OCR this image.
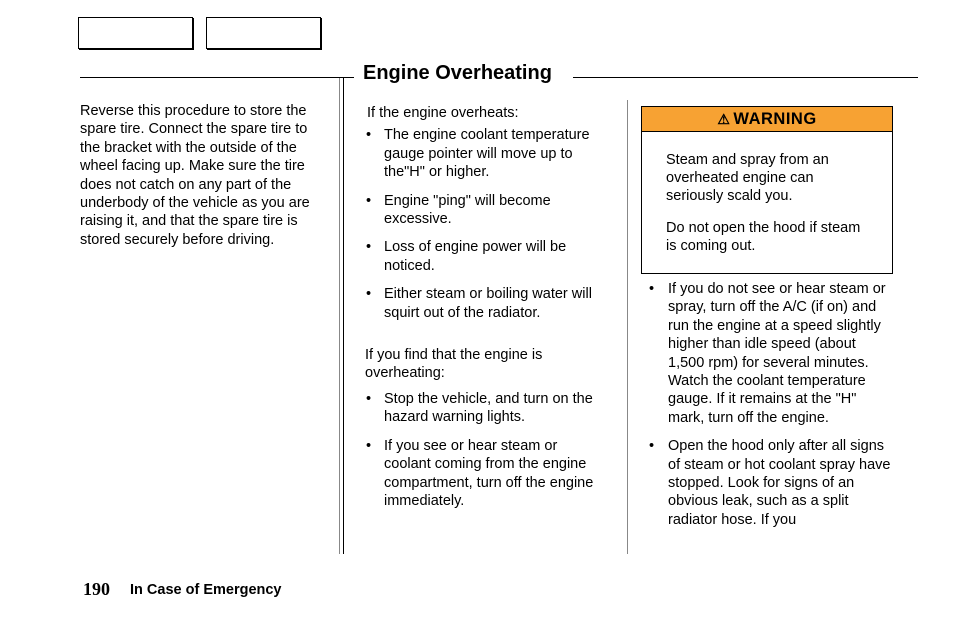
Engine Overheating

Reverse this procedure to store the spare tire. Connect the spare tire to the bracket with the outside of the wheel facing up. Make sure the tire does not catch on any part of the underbody of the vehicle as you are raising it, and that the spare tire is stored securely before driving.

If the engine overheats:

• The engine coolant temperature gauge pointer will move up to the"H" or higher.
• Engine "ping" will become excessive.
• Loss of engine power will be noticed.
• Either steam or boiling water will squirt out of the radiator.

If you find that the engine is overheating:

• Stop the vehicle, and turn on the hazard warning lights.
• If you see or hear steam or coolant coming from the engine compartment, turn off the engine immediately.
⚠ WARNING

Steam and spray from an overheated engine can seriously scald you.

Do not open the hood if steam is coming out.

• If you do not see or hear steam or spray, turn off the A/C (if on) and run the engine at a speed slightly higher than idle speed (about 1,500 rpm) for several minutes. Watch the coolant temperature gauge. If it remains at the "H" mark, turn off the engine.
• Open the hood only after all signs of steam or hot coolant spray have stopped. Look for signs of an obvious leak, such as a split radiator hose. If you
190 In Case of Emergency
